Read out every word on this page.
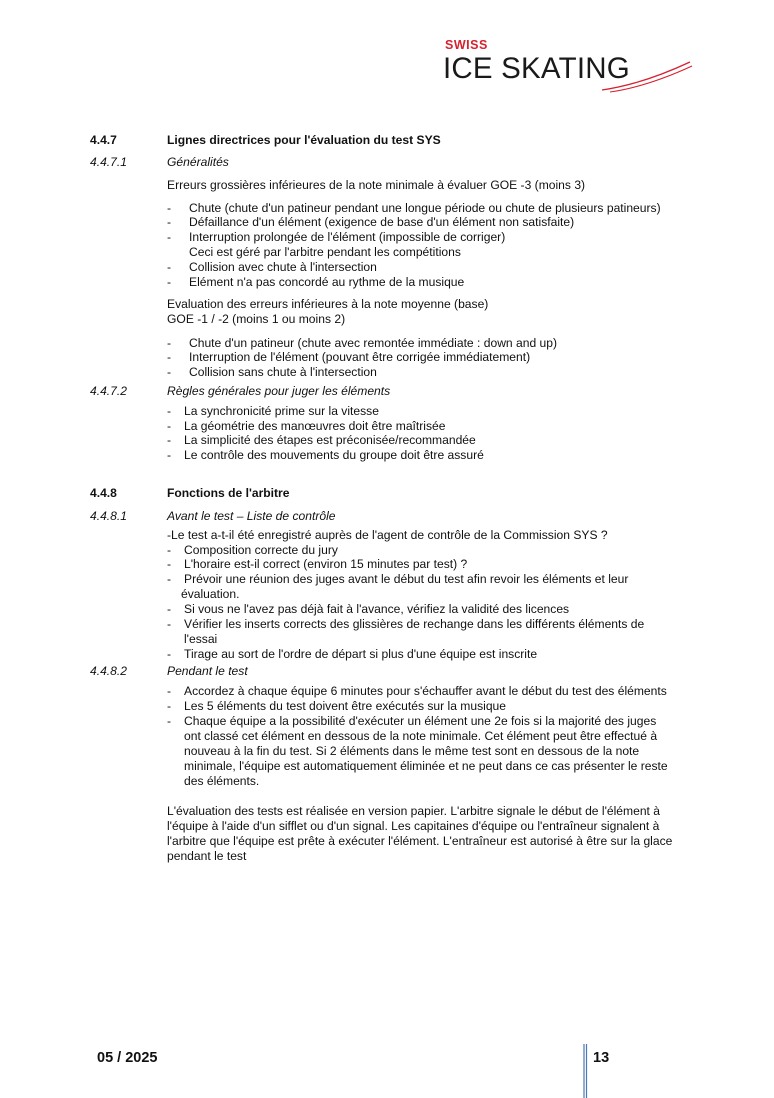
SWISS
ICE SKATING
4.4.7	Lignes directrices pour l'évaluation du test SYS
4.4.7.1	Généralités
Erreurs grossières inférieures de la note minimale à évaluer GOE -3 (moins 3)
- Chute (chute d'un patineur pendant une longue période ou chute de plusieurs patineurs)
- Défaillance d'un élément (exigence de base d'un élément non satisfaite)
- Interruption prolongée de l'élément (impossible de corriger)
Ceci est géré par l'arbitre pendant les compétitions
- Collision avec chute à l'intersection
- Elément n'a pas concordé au rythme de la musique
Evaluation des erreurs inférieures à la note moyenne (base)
GOE -1 / -2 (moins 1 ou moins 2)
- Chute d'un patineur (chute avec remontée immédiate : down and up)
- Interruption de l'élément (pouvant être corrigée immédiatement)
- Collision sans chute à l'intersection
4.4.7.2	Règles générales pour juger les éléments
- La synchronicité prime sur la vitesse
- La géométrie des manœuvres doit être maîtrisée
- La simplicité des étapes est préconisée/recommandée
- Le contrôle des mouvements du groupe doit être assuré
4.4.8	Fonctions de l'arbitre
4.4.8.1	Avant le test – Liste de contrôle
-Le test a-t-il été enregistré auprès de l'agent de contrôle de la Commission SYS ?
- Composition correcte du jury
- L'horaire est-il correct (environ 15 minutes par test) ?
- Prévoir une réunion des juges avant le début du test afin revoir les éléments et leur
évaluation.
- Si vous ne l'avez pas déjà fait à l'avance, vérifiez la validité des licences
- Vérifier les inserts corrects des glissières de rechange dans les différents éléments de
l'essai
- Tirage au sort de l'ordre de départ si plus d'une équipe est inscrite
4.4.8.2	Pendant le test
- Accordez à chaque équipe 6 minutes pour s'échauffer avant le début du test des éléments
- Les 5 éléments du test doivent être exécutés sur la musique
- Chaque équipe a la possibilité d'exécuter un élément une 2e fois si la majorité des juges
ont classé cet élément en dessous de la note minimale. Cet élément peut être effectué à
nouveau à la fin du test. Si 2 éléments dans le même test sont en dessous de la note
minimale, l'équipe est automatiquement éliminée et ne peut dans ce cas présenter le reste
des éléments.
L'évaluation des tests est réalisée en version papier. L'arbitre signale le début de l'élément à
l'équipe à l'aide d'un sifflet ou d'un signal. Les capitaines d'équipe ou l'entraîneur signalent à
l'arbitre que l'équipe est prête à exécuter l'élément. L'entraîneur est autorisé à être sur la glace
pendant le test
05 / 2025	13
